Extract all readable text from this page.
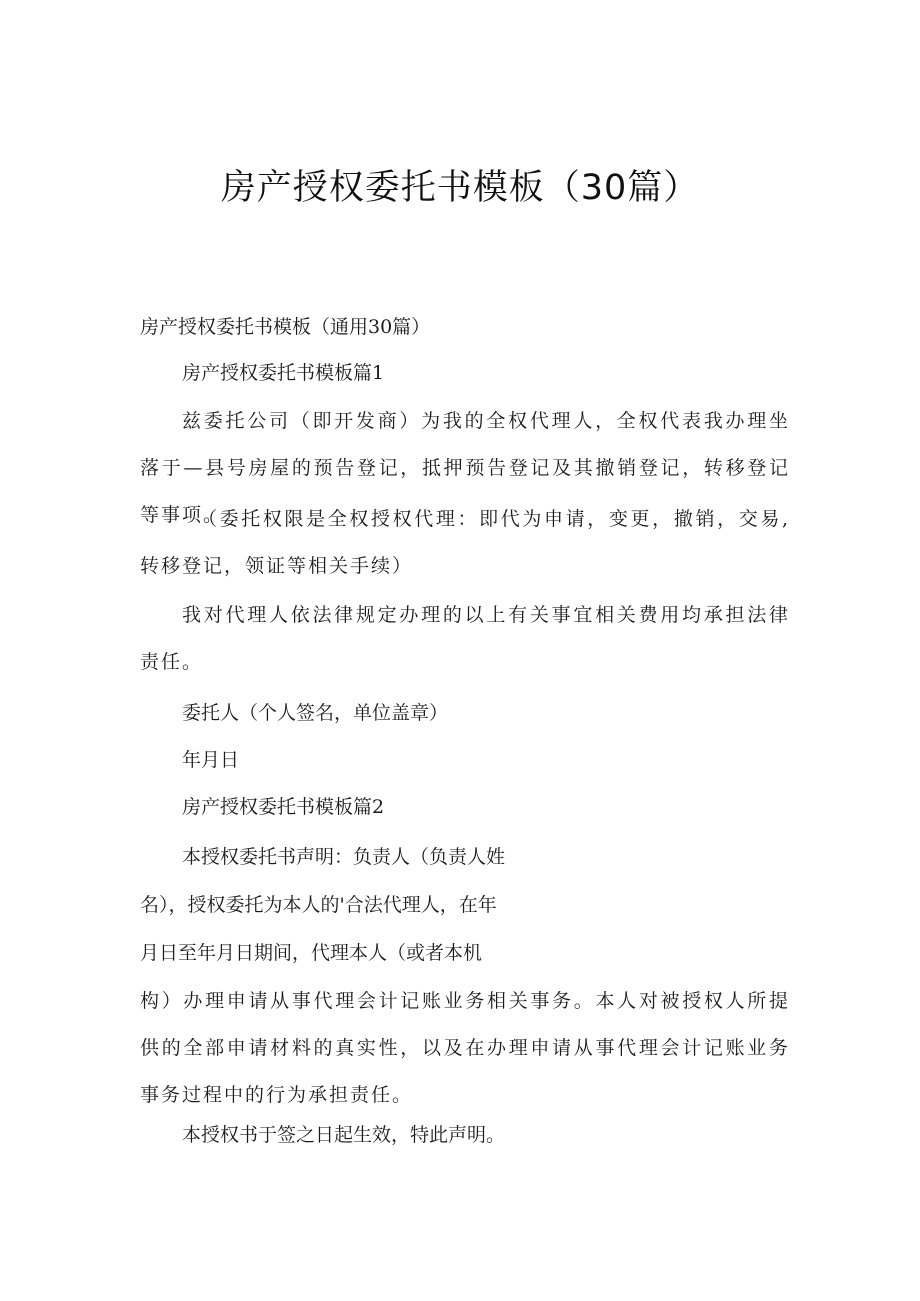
房产授权委托书模板（30篇）

房产授权委托书模板（通用30篇）

房产授权委托书模板篇1

兹委托公司（即开发商）为我的全权代理人，全权代表我办理坐落于—县号房屋的预告登记，抵押预告登记及其撤销登记，转移登记等事项。

（委托权限是全权授权代理：即代为申请，变更，撤销，交易,转移登记，领证等相关手续）

我对代理人依法律规定办理的以上有关事宜相关费用均承担法律责任。

委托人（个人签名，单位盖章）

年月日

房产授权委托书模板篇2

本授权委托书声明：负责人（负责人姓

名），授权委托为本人的'合法代理人，在年

月日至年月日期间，代理本人（或者本机

构）办理申请从事代理会计记账业务相关事务。本人对被授权人所提供的全部申请材料的真实性，以及在办理申请从事代理会计记账业务事务过程中的行为承担责任。

本授权书于签之日起生效，特此声明。
